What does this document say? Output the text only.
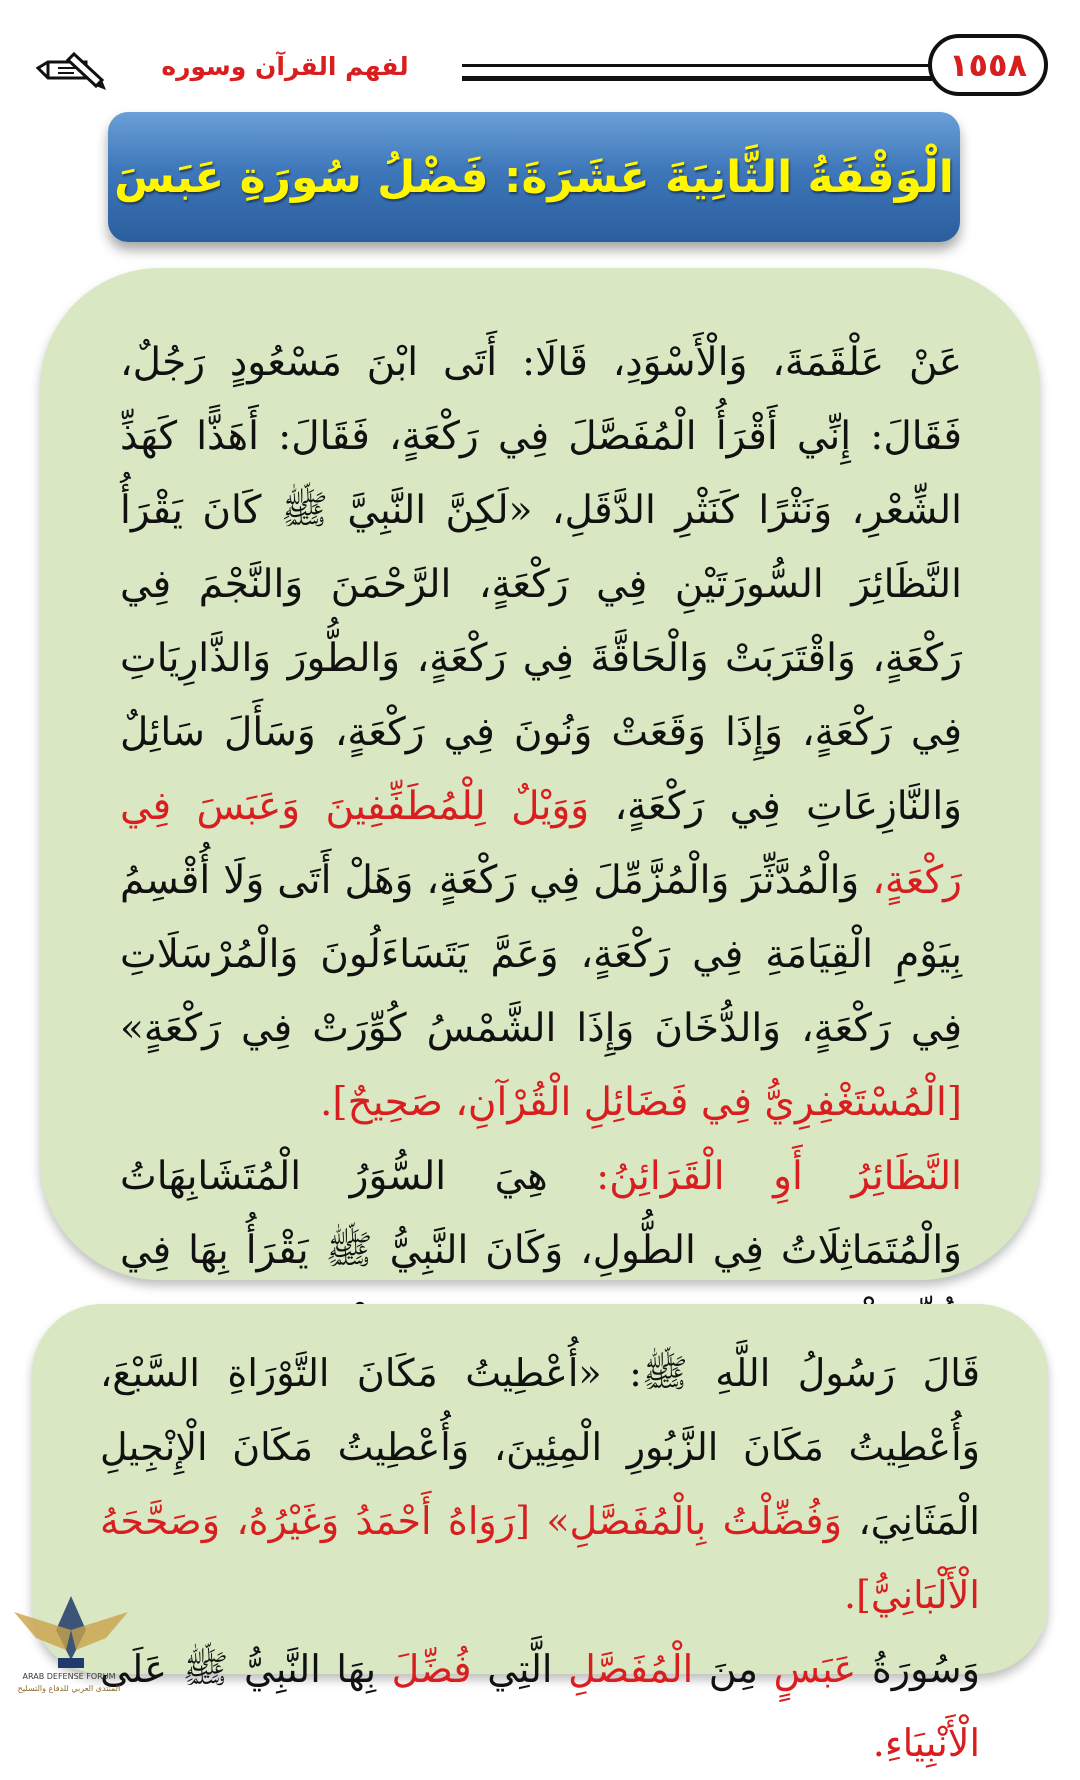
١٥٥٨
لفهم القرآن وسوره
الْوَقْفَةُ الثَّانِيَةَ عَشَرَةَ: فَضْلُ سُورَةِ عَبَسَ
عَنْ عَلْقَمَةَ، وَالْأَسْوَدِ، قَالَا: أَتَى ابْنَ مَسْعُودٍ رَجُلٌ، فَقَالَ: إِنِّي أَقْرَأُ الْمُفَصَّلَ فِي رَكْعَةٍ، فَقَالَ: أَهَذًّا كَهَذِّ الشِّعْرِ، وَنَثْرًا كَنَثْرِ الدَّقَلِ، «لَكِنَّ النَّبِيَّ ﷺ كَانَ يَقْرَأُ النَّظَائِرَ السُّورَتَيْنِ فِي رَكْعَةٍ، الرَّحْمَنَ وَالنَّجْمَ فِي رَكْعَةٍ، وَاقْتَرَبَتْ وَالْحَاقَّةَ فِي رَكْعَةٍ، وَالطُّورَ وَالذَّارِيَاتِ فِي رَكْعَةٍ، وَإِذَا وَقَعَتْ وَنُونَ فِي رَكْعَةٍ، وَسَأَلَ سَائِلٌ وَالنَّازِعَاتِ فِي رَكْعَةٍ، وَوَيْلٌ لِلْمُطَفِّفِينَ وَعَبَسَ فِي رَكْعَةٍ، وَالْمُدَّثِّرَ وَالْمُزَّمِّلَ فِي رَكْعَةٍ، وَهَلْ أَتَى وَلَا أُقْسِمُ بِيَوْمِ الْقِيَامَةِ فِي رَكْعَةٍ، وَعَمَّ يَتَسَاءَلُونَ وَالْمُرْسَلَاتِ فِي رَكْعَةٍ، وَالدُّخَانَ وَإِذَا الشَّمْسُ كُوِّرَتْ فِي رَكْعَةٍ» [الْمُسْتَغْفِرِيُّ فِي فَضَائِلِ الْقُرْآنِ، صَحِيحٌ].
النَّظَائِرُ أَوِ الْقَرَائِنُ: هِيَ السُّوَرُ الْمُتَشَابِهَاتُ وَالْمُتَمَاثِلَاتُ فِي الطُّولِ، وَكَانَ النَّبِيُّ ﷺ يَقْرَأُ بِهَا فِي
قَالَ رَسُولُ اللَّهِ ﷺ: «أُعْطِيتُ مَكَانَ التَّوْرَاةِ السَّبْعَ، وَأُعْطِيتُ مَكَانَ الزَّبُورِ الْمِئِينَ، وَأُعْطِيتُ مَكَانَ الْإِنْجِيلِ الْمَثَانِيَ، وَفُضِّلْتُ بِالْمُفَصَّلِ» [رَوَاهُ أَحْمَدُ وَغَيْرُهُ، وَصَحَّحَهُ الْأَلْبَانِيُّ].
وَسُورَةُ عَبَسٍ مِنَ الْمُفَصَّلِ الَّتِي فُضِّلَ بِهَا النَّبِيُّ ﷺ عَلَى الْأَنْبِيَاءِ.
ARAB DEFENSE FORUM
المنتدى العربي للدفاع والتسليح
